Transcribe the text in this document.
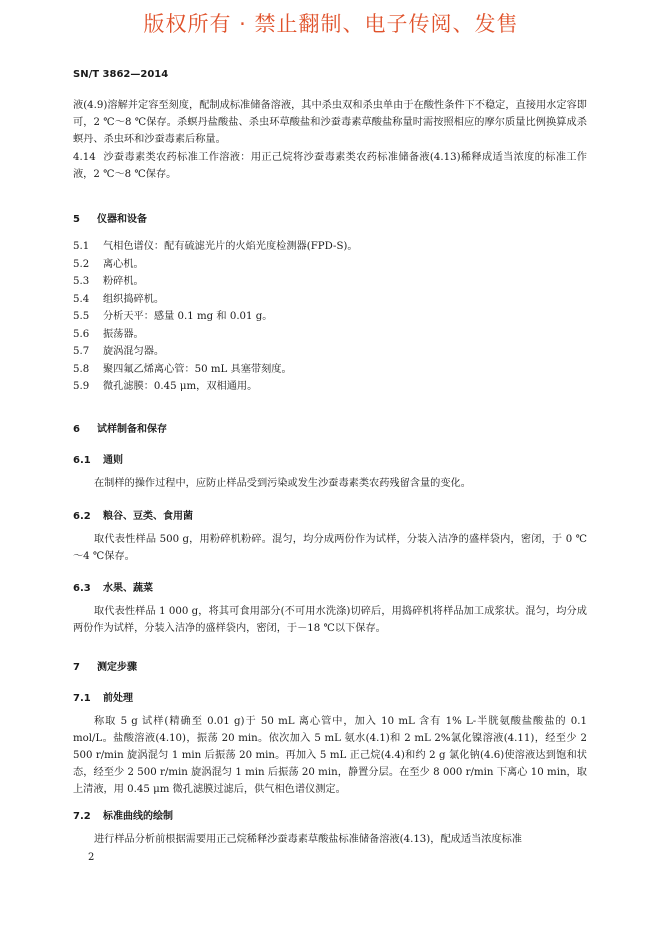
版权所有 · 禁止翻制、电子传阅、发售
SN/T 3862—2014

液(4.9)溶解并定容至刻度，配制成标准储备溶液，其中杀虫双和杀虫单由于在酸性条件下不稳定，直接用水定容即可，2 ℃～8 ℃保存。杀螟丹盐酸盐、杀虫环草酸盐和沙蚕毒素草酸盐称量时需按照相应的摩尔质量比例换算成杀螟丹、杀虫环和沙蚕毒素后称量。

4.14 沙蚕毒素类农药标准工作溶液：用正己烷将沙蚕毒素类农药标准储备液(4.13)稀释成适当浓度的标准工作液，2 ℃～8 ℃保存。

5 仪器和设备

5.1 气相色谱仪：配有硫滤光片的火焰光度检测器(FPD-S)。

5.2 离心机。

5.3 粉碎机。

5.4 组织捣碎机。

5.5 分析天平：感量 0.1 mg 和 0.01 g。

5.6 振荡器。

5.7 旋涡混匀器。

5.8 聚四氟乙烯离心管：50 mL 具塞带刻度。

5.9 微孔滤膜：0.45 μm，双相通用。

6 试样制备和保存

6.1 通则

在制样的操作过程中，应防止样品受到污染或发生沙蚕毒素类农药残留含量的变化。

6.2 粮谷、豆类、食用菌

取代表性样品 500 g，用粉碎机粉碎。混匀，均分成两份作为试样，分装入洁净的盛样袋内，密闭，于 0 ℃～4 ℃保存。

6.3 水果、蔬菜

取代表性样品 1 000 g，将其可食用部分(不可用水洗涤)切碎后，用捣碎机将样品加工成浆状。混匀，均分成两份作为试样，分装入洁净的盛样袋内，密闭，于－18 ℃以下保存。

7 测定步骤

7.1 前处理

称取 5 g 试样(精确至 0.01 g)于 50 mL 离心管中，加入 10 mL 含有 1% L-半胱氨酸盐酸盐的 0.1 mol/L。盐酸溶液(4.10)，振荡 20 min。依次加入 5 mL 氨水(4.1)和 2 mL 2%氯化镍溶液(4.11)，经至少 2 500 r/min 旋涡混匀 1 min 后振荡 20 min。再加入 5 mL 正己烷(4.4)和约 2 g 氯化钠(4.6)使溶液达到饱和状态，经至少 2 500 r/min 旋涡混匀 1 min 后振荡 20 min，静置分层。在至少 8 000 r/min 下离心 10 min，取上清液，用 0.45 μm 微孔滤膜过滤后，供气相色谱仪测定。

7.2 标准曲线的绘制

进行样品分析前根据需要用正己烷稀释沙蚕毒素草酸盐标准储备溶液(4.13)，配成适当浓度标准

2
